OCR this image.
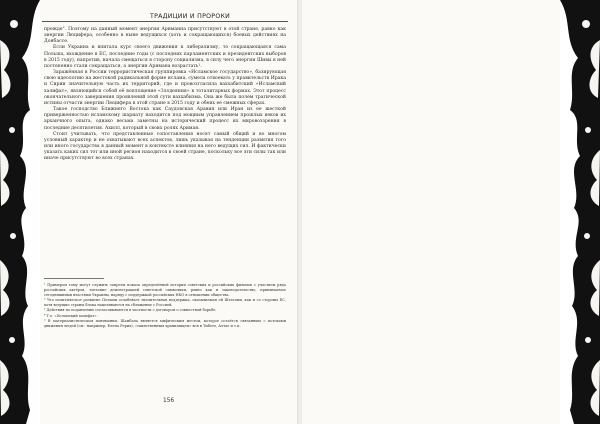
ТРАДИЦИИ И ПРОРОКИ

прежде". Поэтому на данный момент энергии Ариманна присутствуют в этой стране, равно как энергии Люцифера, особенно в ныне ведущихся (хоть и сокращающихся) боевых действиях на Донбассе.

Если Украина и впитала курс своего движения к либерализму, то сокращающаяся сама Польша, вхождение в ЕС, последние годы (с последних парламентских и президентских выборов в 2015 году), напротив, начала смещаться в сторону социализма, в силу чего энергии Шивы в ней постепенно стали сокращаться, а энергии Аримана возрастать¹.

Заражённая в России террористическая группировка «Исламское государство», базирующая свою идеологию на жестокой радикальной форме ислама, сумела отвоевать у правительств Ирака и Сирии значительную часть их территорий, где и провозгласила ваххабитский «Исламский халифат», являющийся собой её воплощение «Злодеяния» в тоталитарных формах. Этот процесс окончательного завершения проявлений этой сути ваххабизма. Она же была полем трагической истины отчасти энергии Люцифера в этой стране в 2015 году и обеих ее смежных сферах.

Такое господство Ближнего Востока как Саудовская Аравия или Иран из ее жесткой приверженностью исламскому шариату находится под мощным управлением прошлых веков их архаичного опыта, однако весьма заметны на исторический процесс их мировоззрения в последние десятилетия. Ахилл, который в своих ролях Ариман.

Стоит учитывать, что представленные сопоставления носят самый общий и во многом условный характер и не охватывают всех аспектов, лишь указывая на тенденции развития того или иного государства в данный момент в контексте влияния на него ведущих сил. И фактически указать каких сил тот или иной регион находится в своей стране, поскольку все эти силы так или иначе присутствуют во всех странах.

¹ Примером тому могут служить запреты показа определённой истории советских и российских фильмов с участием ряда российских актёров, топтание демонстрацией советской символики, равно как и законодательство, принимаемое сегодняшними властями Украины, наряду с поддержкой российских НКО в отношении общества.

² Что политическое развитие Польши ослабевает значительная поддержка, оказываемая ей Штатами, как и со стороны ЕС, хотя ведущие страны блока нацеливаются на сближение с Россией.

³ Действия по подавлению согласовываются в частности с договором о совместной борьбе.

⁴ Т.е. «Исламский халифат».

⁵ В материалистическом понимании, Шамбала является мифическим местом, которое остаётся связанным с потоками движения людей (см.: например, Елена Рерих), «таинственным хранилищем» вся в Тибете, Алтае и т.п.

156
